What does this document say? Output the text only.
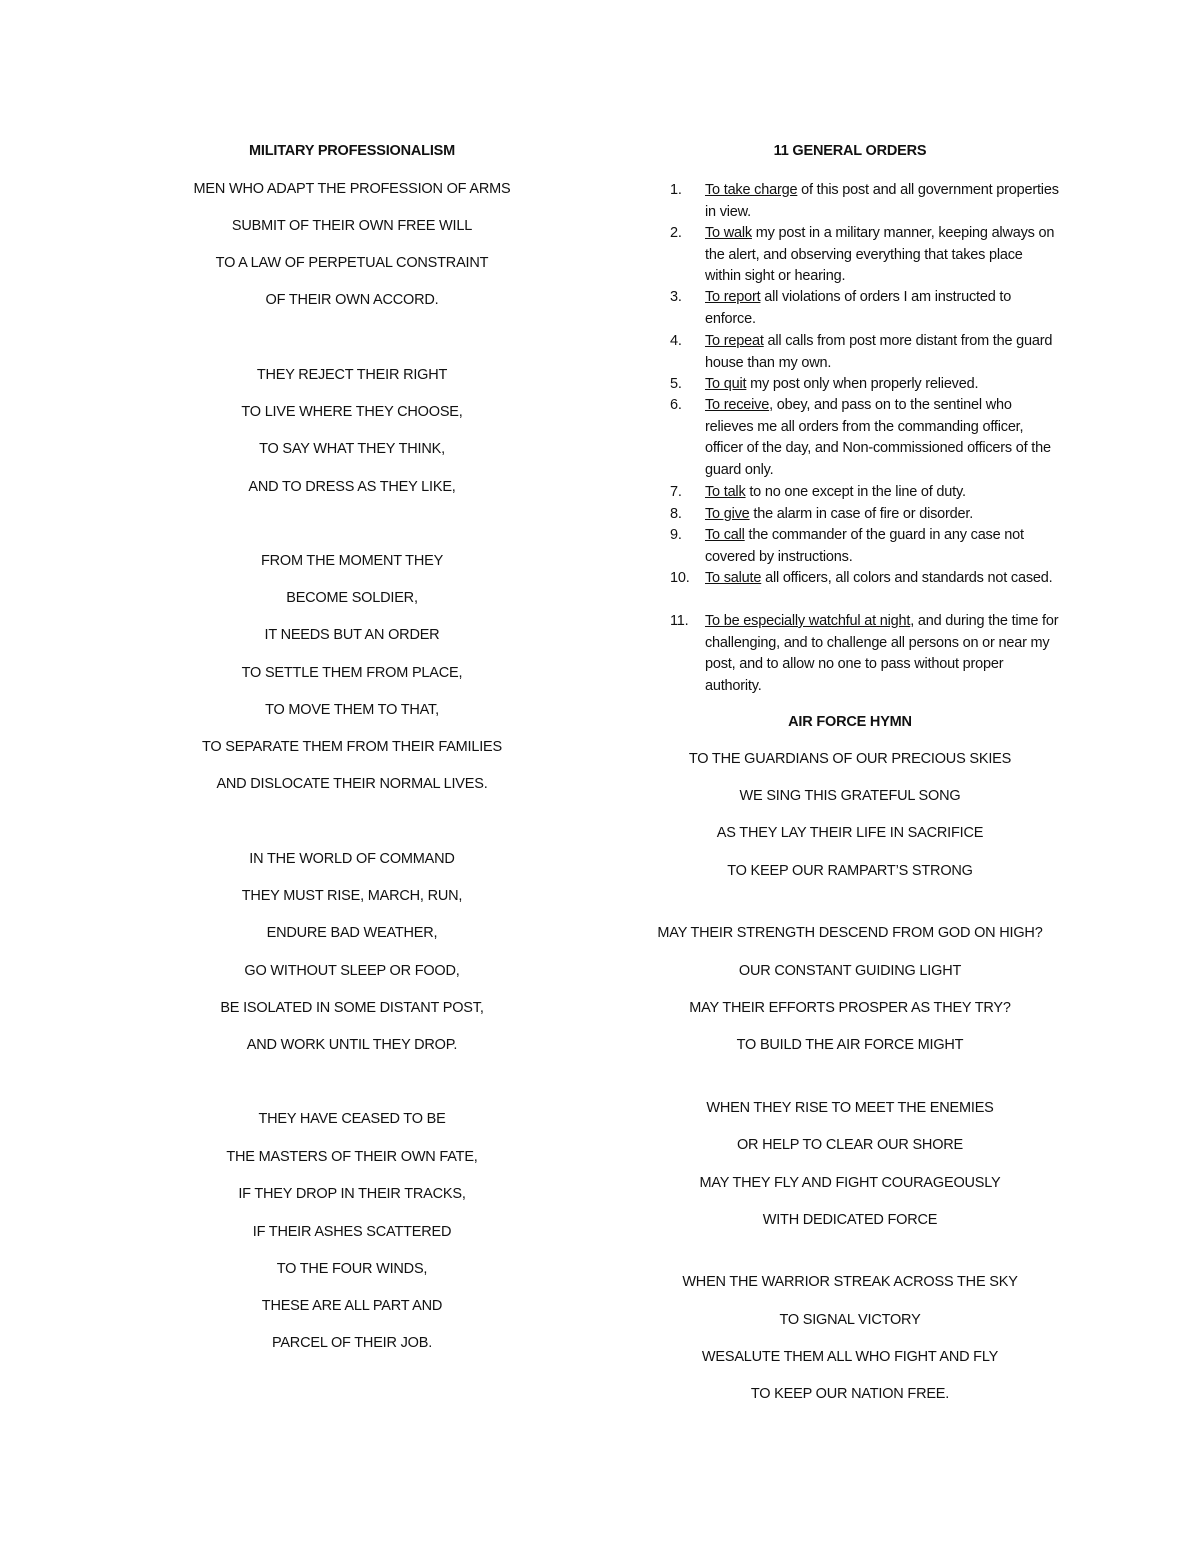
MILITARY PROFESSIONALISM
MEN WHO ADAPT THE PROFESSION OF ARMS
SUBMIT OF THEIR OWN FREE WILL
TO A LAW OF PERPETUAL CONSTRAINT
OF THEIR OWN ACCORD.
THEY REJECT THEIR RIGHT
TO LIVE WHERE THEY CHOOSE,
TO SAY WHAT THEY THINK,
AND TO DRESS AS THEY LIKE,
FROM THE MOMENT THEY
BECOME SOLDIER,
IT NEEDS BUT AN ORDER
TO SETTLE THEM FROM PLACE,
TO MOVE THEM TO THAT,
TO SEPARATE THEM FROM THEIR FAMILIES
AND DISLOCATE THEIR NORMAL LIVES.
IN THE WORLD OF COMMAND
THEY MUST RISE, MARCH, RUN,
ENDURE BAD WEATHER,
GO WITHOUT SLEEP OR FOOD,
BE ISOLATED IN SOME DISTANT POST,
AND WORK UNTIL THEY DROP.
THEY HAVE CEASED TO BE
THE MASTERS OF THEIR OWN FATE,
IF THEY DROP IN THEIR TRACKS,
IF THEIR ASHES SCATTERED
TO THE FOUR WINDS,
THESE ARE ALL PART AND
PARCEL OF THEIR JOB.
11 GENERAL ORDERS
1. To take charge of this post and all government properties in view.
2. To walk my post in a military manner, keeping always on the alert, and observing everything that takes place within sight or hearing.
3. To report all violations of orders I am instructed to enforce.
4. To repeat all calls from post more distant from the guard house than my own.
5. To quit my post only when properly relieved.
6. To receive, obey, and pass on to the sentinel who relieves me all orders from the commanding officer, officer of the day, and Non-commissioned officers of the guard only.
7. To talk to no one except in the line of duty.
8. To give the alarm in case of fire or disorder.
9. To call the commander of the guard in any case not covered by instructions.
10. To salute all officers, all colors and standards not cased.
11. To be especially watchful at night, and during the time for challenging, and to challenge all persons on or near my post, and to allow no one to pass without proper authority.
AIR FORCE HYMN
TO THE GUARDIANS OF OUR PRECIOUS SKIES
WE SING THIS GRATEFUL SONG
AS THEY LAY THEIR LIFE IN SACRIFICE
TO KEEP OUR RAMPART’S STRONG
MAY THEIR STRENGTH DESCEND FROM GOD ON HIGH?
OUR CONSTANT GUIDING LIGHT
MAY THEIR EFFORTS PROSPER AS THEY TRY?
TO BUILD THE AIR FORCE MIGHT
WHEN THEY RISE TO MEET THE ENEMIES
OR HELP TO CLEAR OUR SHORE
MAY THEY FLY AND FIGHT COURAGEOUSLY
WITH DEDICATED FORCE
WHEN THE WARRIOR STREAK ACROSS THE SKY
TO SIGNAL VICTORY
WESALUTE THEM ALL WHO FIGHT AND FLY
TO KEEP OUR NATION FREE.
